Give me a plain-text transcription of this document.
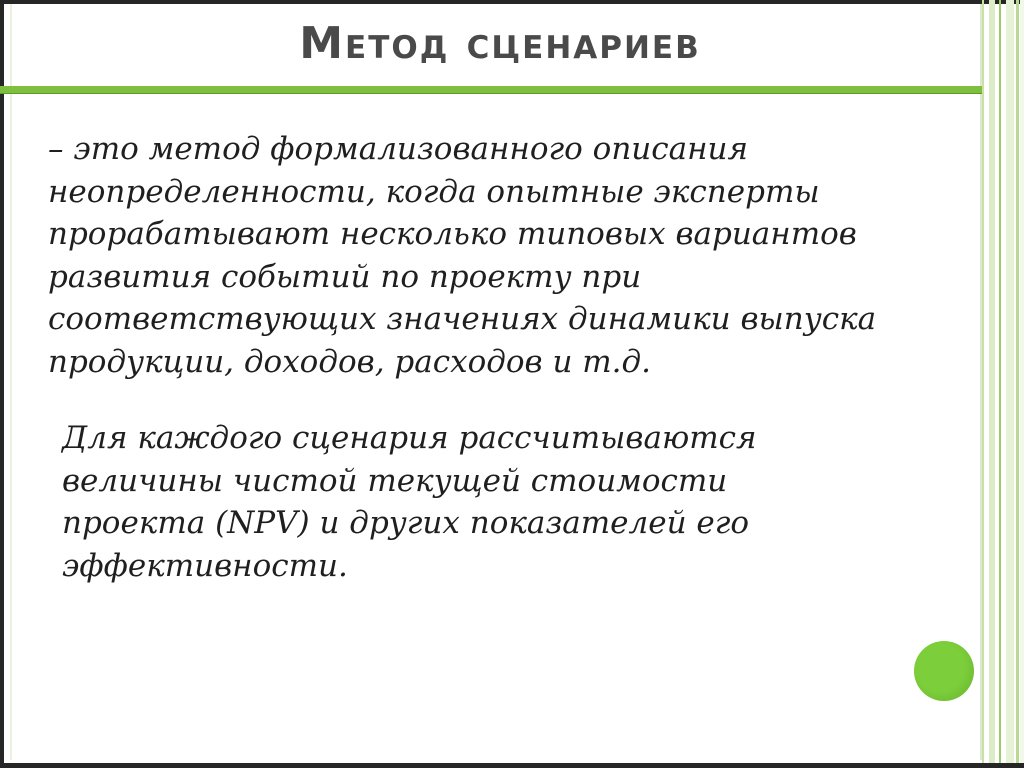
Метод сценариев

– это метод формализованного описания
неопределенности, когда опытные эксперты
прорабатывают несколько типовых вариантов
развития событий по проекту при
соответствующих значениях динамики выпуска
продукции, доходов, расходов и т.д.

Для каждого сценария рассчитываются
величины чистой текущей стоимости
проекта (NPV) и других показателей его
эффективности.
